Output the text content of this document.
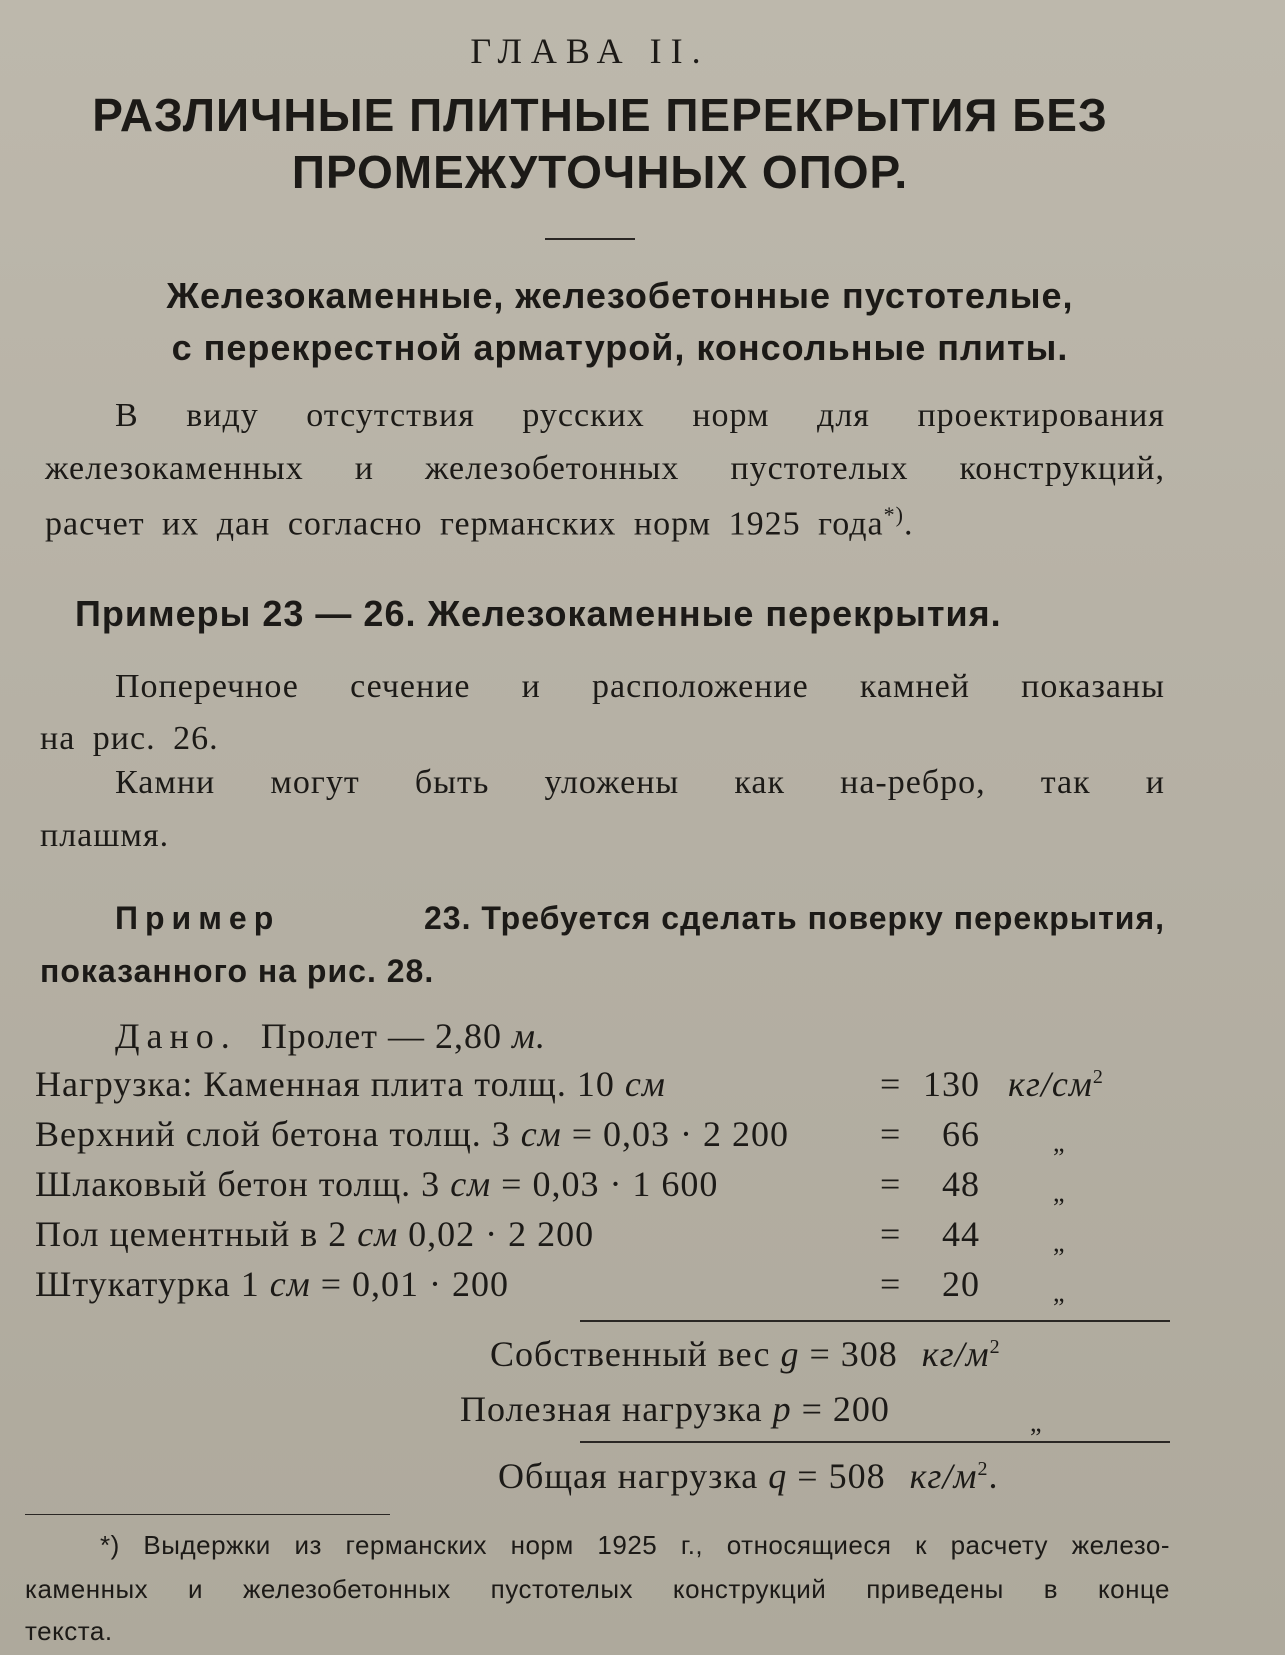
ГЛАВА II.
РАЗЛИЧНЫЕ ПЛИТНЫЕ ПЕРЕКРЫТИЯ БЕЗ
ПРОМЕЖУТОЧНЫХ ОПОР.
Железокаменные, железобетонные пустотелые,
с перекрестной арматурой, консольные плиты.
В виду отсутствия русских норм для проектирования
железокаменных и железобетонных пустотелых конструкций,
расчет их дан согласно германских норм 1925 года*).
Примеры 23 — 26. Железокаменные перекрытия.
Поперечное сечение и расположение камней показаны
на рис. 26.
Камни могут быть уложены как на-ребро, так и
плашмя.
Пример	23. Требуется сделать поверку перекрытия,
показанного на рис. 28.
Дано. Пролет — 2,80 м.
Нагрузка: Каменная плита толщ. 10 см	= 130 $кг/см^2$
Верхний слой бетона толщ. 3 см = 0,03 · 2 200	=	66	„
Шлаковый бетон толщ. 3 см = 0,03 · 1 600	=	48	„
Пол цементный в 2 см 0,02 · 2 200	=	44	„
Штукатурка 1 см = 0,01 · 200	=	20	„
Собственный вес g = 308 $кг/м^2$
Полезная нагрузка p = 200	„
Общая нагрузка q = 508 $кг/м^2$.
*) Выдержки из германских норм 1925 г., относящиеся к расчету железо-
каменных и железобетонных пустотелых конструкций приведены в конце
текста.
